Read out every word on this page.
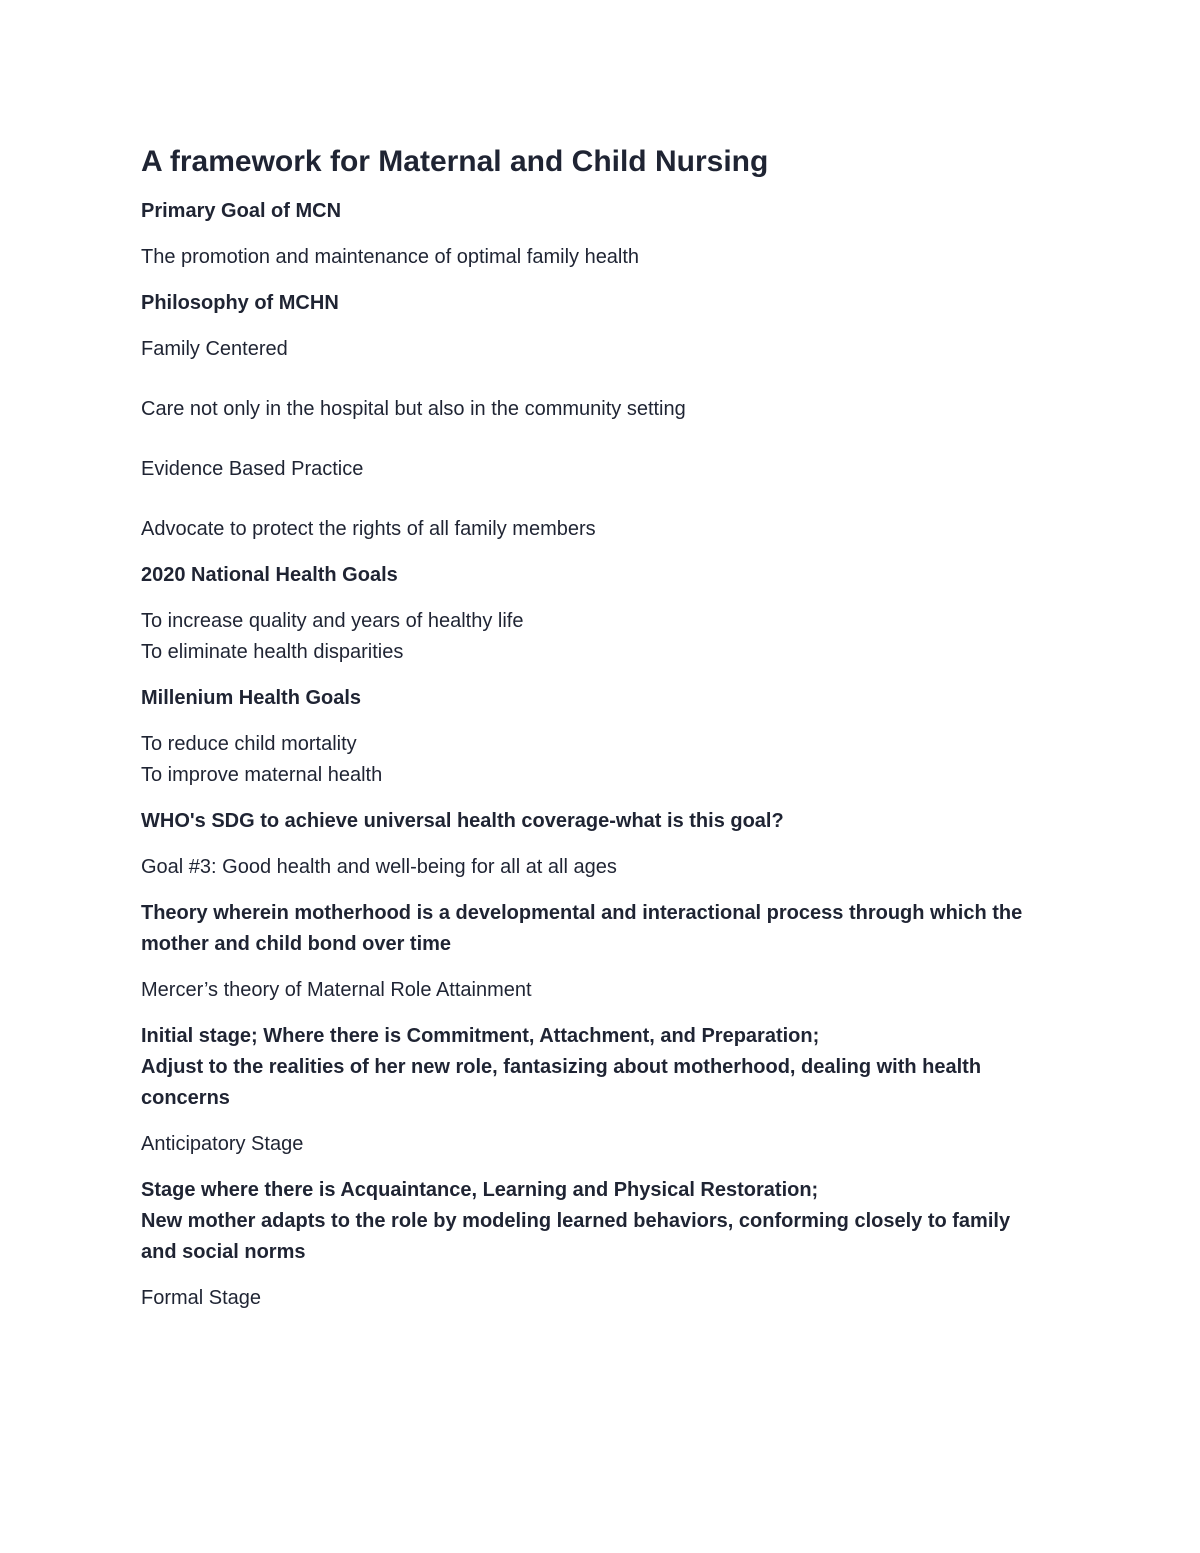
A framework for Maternal and Child Nursing
Primary Goal of MCN
The promotion and maintenance of optimal family health
Philosophy of MCHN
Family Centered
Care not only in the hospital but also in the community setting
Evidence Based Practice
Advocate to protect the rights of all family members
2020 National Health Goals
To increase quality and years of healthy life
To eliminate health disparities
Millenium Health Goals
To reduce child mortality
To improve maternal health
WHO's SDG to achieve universal health coverage-what is this goal?
Goal #3: Good health and well-being for all at all ages
Theory wherein motherhood is a developmental and interactional process through which the
mother and child bond over time
Mercer’s theory of Maternal Role Attainment
Initial stage; Where there is Commitment, Attachment, and Preparation;
Adjust to the realities of her new role, fantasizing about motherhood, dealing with health
concerns
Anticipatory Stage
Stage where there is Acquaintance, Learning and Physical Restoration;
New mother adapts to the role by modeling learned behaviors, conforming closely to family
and social norms
Formal Stage
